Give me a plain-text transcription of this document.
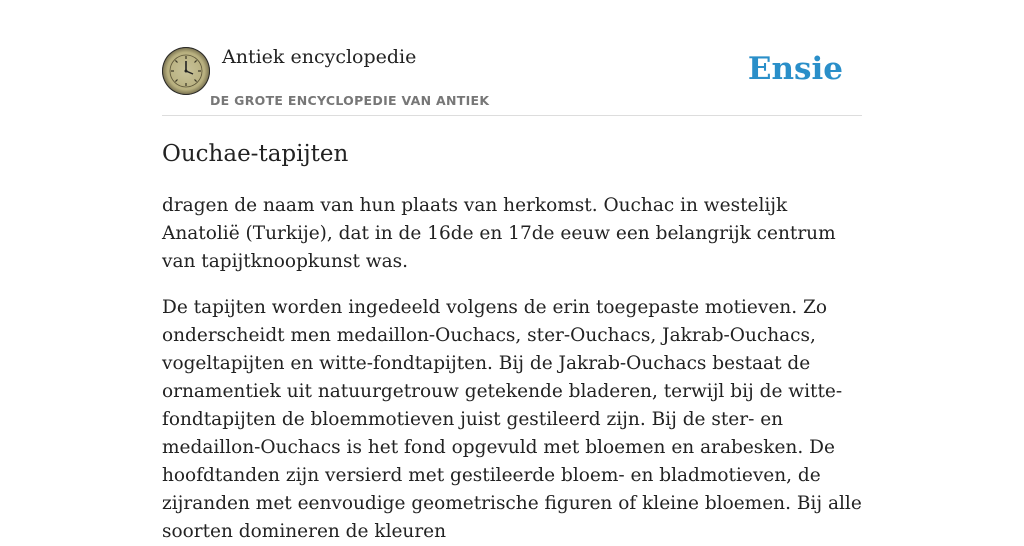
Antiek encyclopedie
DE GROTE ENCYCLOPEDIE VAN ANTIEK
Ensie
Ouchae-tapijten

dragen de naam van hun plaats van herkomst. Ouchac in westelijk Anatolië (Turkije), dat in de 16de en 17de eeuw een belangrijk centrum van tapijtknoopkunst was.

De tapijten worden ingedeeld volgens de erin toegepaste motieven. Zo onderscheidt men medaillon-Ouchacs, ster-Ouchacs, Jakrab-Ouchacs, vogeltapijten en witte-fondtapijten. Bij de Jakrab-Ouchacs bestaat de ornamentiek uit natuurgetrouw getekende bladeren, terwijl bij de witte-fondtapijten de bloemmotieven juist gestileerd zijn. Bij de ster- en medaillon-Ouchacs is het fond opgevuld met bloemen en arabesken. De hoofdtanden zijn versierd met gestileerde bloem- en bladmotieven, de zijranden met eenvoudige geometrische figuren of kleine bloemen. Bij alle soorten domineren de kleuren
